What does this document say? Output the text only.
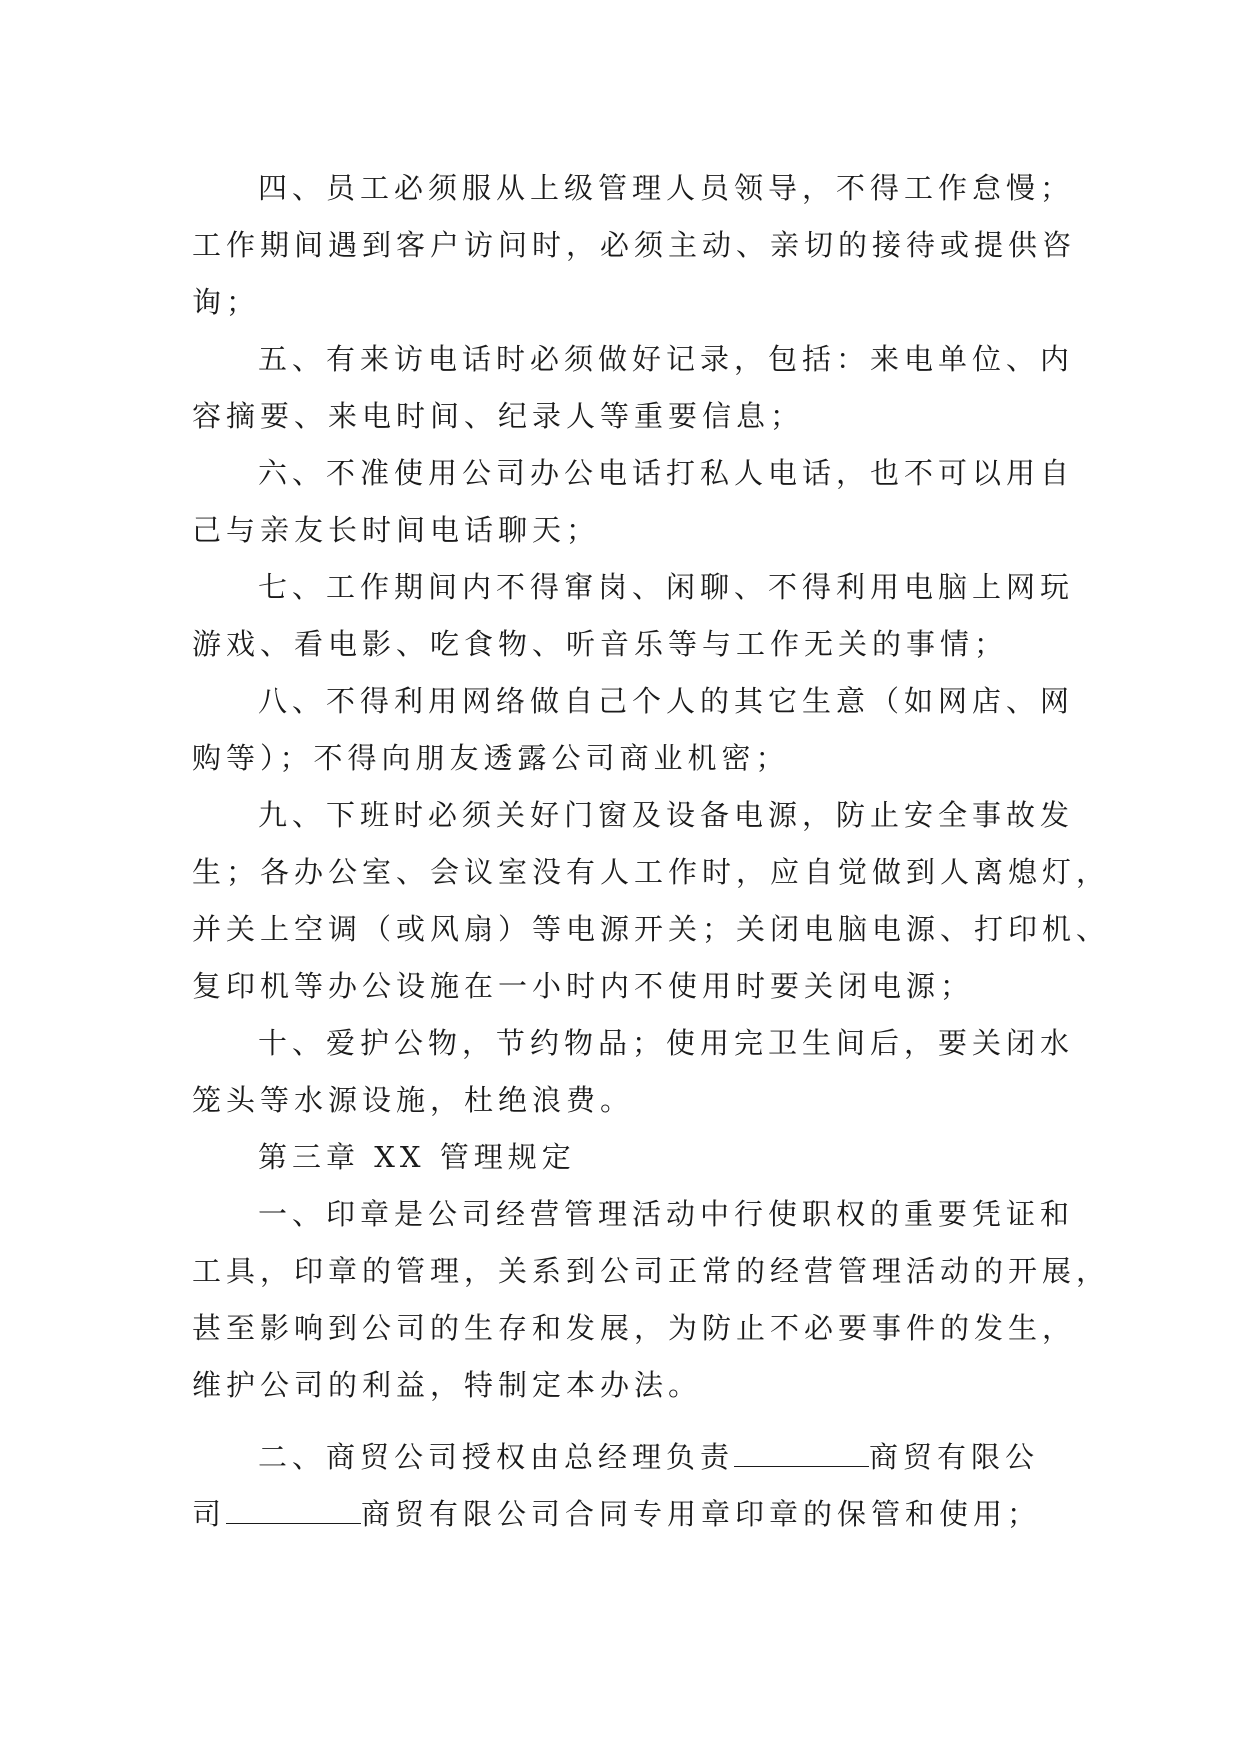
四、员工必须服从上级管理人员领导，不得工作怠慢；
工作期间遇到客户访问时，必须主动、亲切的接待或提供咨
询；
五、有来访电话时必须做好记录，包括：来电单位、内
容摘要、来电时间、纪录人等重要信息；
六、不准使用公司办公电话打私人电话，也不可以用自
己与亲友长时间电话聊天；
七、工作期间内不得窜岗、闲聊、不得利用电脑上网玩
游戏、看电影、吃食物、听音乐等与工作无关的事情；
八、不得利用网络做自己个人的其它生意（如网店、网
购等）；不得向朋友透露公司商业机密；
九、下班时必须关好门窗及设备电源，防止安全事故发
生；各办公室、会议室没有人工作时，应自觉做到人离熄灯，
并关上空调（或风扇）等电源开关；关闭电脑电源、打印机、
复印机等办公设施在一小时内不使用时要关闭电源；
十、爱护公物，节约物品；使用完卫生间后，要关闭水
笼头等水源设施，杜绝浪费。
第三章 XX 管理规定
一、印章是公司经营管理活动中行使职权的重要凭证和
工具，印章的管理，关系到公司正常的经营管理活动的开展，
甚至影响到公司的生存和发展，为防止不必要事件的发生，
维护公司的利益，特制定本办法。
二、商贸公司授权由总经理负责	商贸有限公
司	商贸有限公司合同专用章印章的保管和使用；
